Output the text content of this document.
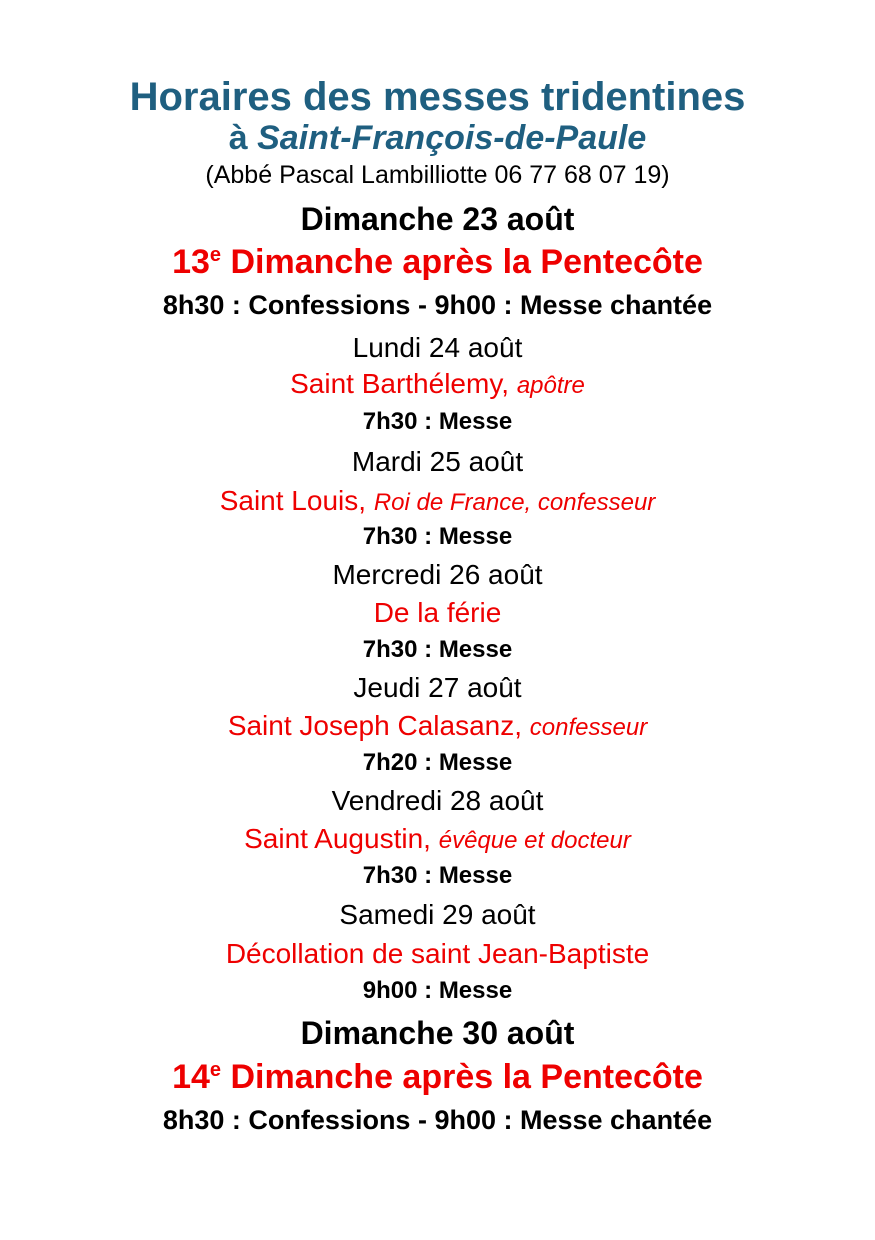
Horaires des messes tridentines
à Saint-François-de-Paule
(Abbé Pascal Lambilliotte 06 77 68 07 19)
Dimanche 23 août
13e Dimanche après la Pentecôte
8h30 : Confessions - 9h00 : Messe chantée
Lundi 24 août
Saint Barthélemy, apôtre
7h30 : Messe
Mardi 25 août
Saint Louis, Roi de France, confesseur
7h30 : Messe
Mercredi 26 août
De la férie
7h30 : Messe
Jeudi 27 août
Saint Joseph Calasanz, confesseur
7h20 : Messe
Vendredi 28 août
Saint Augustin, évêque et docteur
7h30 : Messe
Samedi 29 août
Décollation de saint Jean-Baptiste
9h00 : Messe
Dimanche 30 août
14e Dimanche après la Pentecôte
8h30 : Confessions - 9h00 : Messe chantée
